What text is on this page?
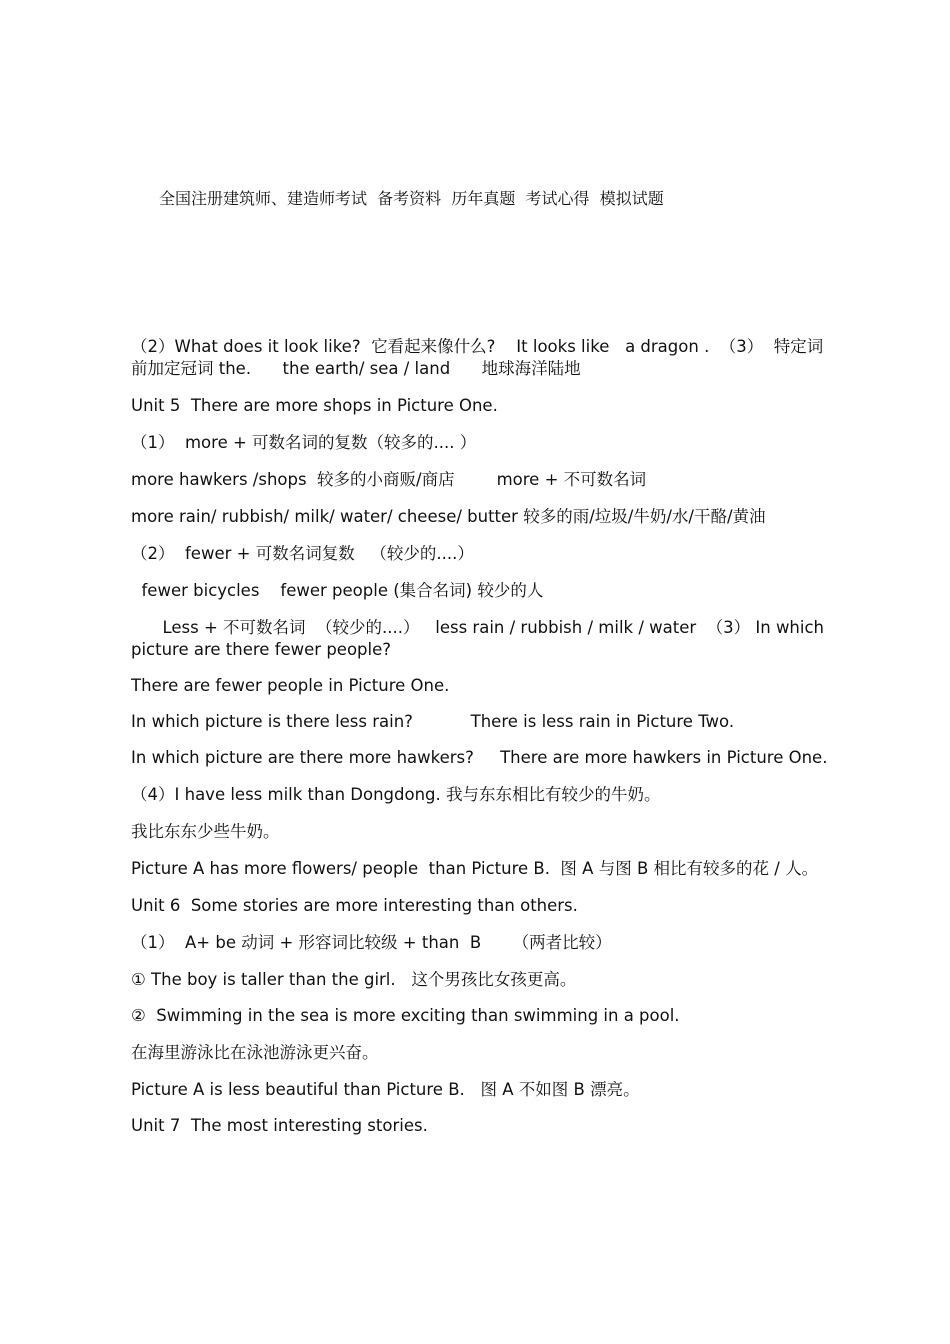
全国注册建筑师、建造师考试  备考资料  历年真题  考试心得  模拟试题

（2）What does it look like?  它看起来像什么?    It looks like   a dragon .  （3）  特定词前加定冠词 the.      the earth/ sea / land      地球海洋陆地

Unit 5  There are more shops in Picture One.

（1）  more + 可数名词的复数（较多的.... ）

more hawkers /shops  较多的小商贩/商店        more + 不可数名词

more rain/ rubbish/ milk/ water/ cheese/ butter 较多的雨/垃圾/牛奶/水/干酪/黄油

（2）  fewer + 可数名词复数   （较少的....）

fewer bicycles    fewer people (集合名词) 较少的人

Less + 不可数名词  （较少的....）   less rain / rubbish / milk / water  （3） In which picture are there fewer people?

There are fewer people in Picture One.

In which picture is there less rain?           There is less rain in Picture Two.

In which picture are there more hawkers?     There are more hawkers in Picture One.

（4）I have less milk than Dongdong. 我与东东相比有较少的牛奶。

我比东东少些牛奶。

Picture A has more flowers/ people  than Picture B.  图 A 与图 B 相比有较多的花 / 人。

Unit 6  Some stories are more interesting than others.

（1）  A+ be 动词 + 形容词比较级 + than  B      （两者比较）

① The boy is taller than the girl.   这个男孩比女孩更高。

②  Swimming in the sea is more exciting than swimming in a pool.

在海里游泳比在泳池游泳更兴奋。

Picture A is less beautiful than Picture B.   图 A 不如图 B 漂亮。

Unit 7  The most interesting stories.
